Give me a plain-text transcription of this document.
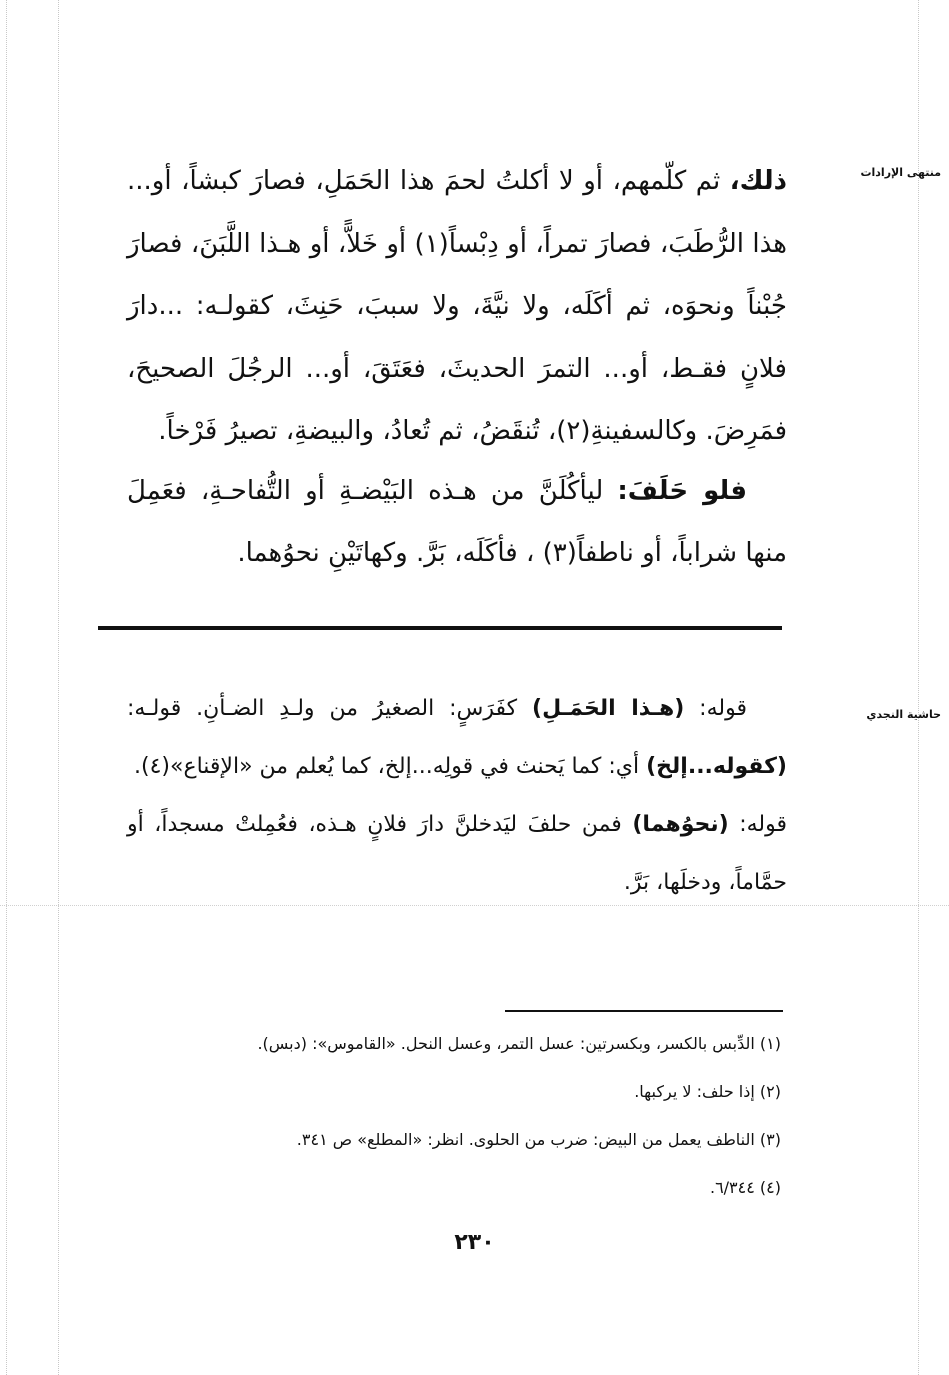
منتهى الإرادات
حاشية النجدي

ذلك، ثم كلّمهم، أو لا أكلتُ لحمَ هذا الحَمَلِ، فصارَ كبشاً، أو... هذا الرُّطَبَ، فصارَ تمراً، أو دِبْساً(١) أو خَلاًّ، أو هـذا اللَّبَنَ، فصارَ جُبْناً ونحوَه، ثم أكَلَه، ولا نيَّةَ، ولا سببَ، حَنِثَ، كقولـه: ...دارَ فلانٍ فقـط، أو... التمرَ الحديثَ، فعَتَقَ، أو... الرجُلَ الصحيحَ، فمَرِضَ. وكالسفينةِ(٢)، تُنقَضُ، ثم تُعادُ، والبيضةِ، تصيرُ فَرْخاً.

فلو حَلَفَ: ليأكُلَنَّ من هـذه البَيْضـةِ أو التُّفاحـةِ، فعَمِلَ منها شراباً، أو ناطفاً(٣) ، فأكَلَه، بَرَّ. وكهاتَيْنِ نحوُهما.

قوله: (هـذا الحَمَـلِ) كفَرَسٍ: الصغيرُ من ولـدِ الضـأنِ. قولـه: (كقوله...إلخ) أي: كما يَحنث في قولِه...إلخ، كما يُعلم من «الإقناع»(٤).

قوله: (نحوُهما) فمن حلفَ ليَدخلنَّ دارَ فلانٍ هـذه، فعُمِلتْ مسجداً، أو حمَّاماً، ودخلَها، بَرَّ.

(١) الدِّبس بالكسر، وبكسرتين: عسل التمر، وعسل النحل. «القاموس»: (دبس).
(٢) إذا حلف: لا يركبها.
(٣) الناطف يعمل من البيض: ضرب من الحلوى. انظر: «المطلع» ص ٣٤١.
(٤) ٦/٣٤٤.
٢٣٠
